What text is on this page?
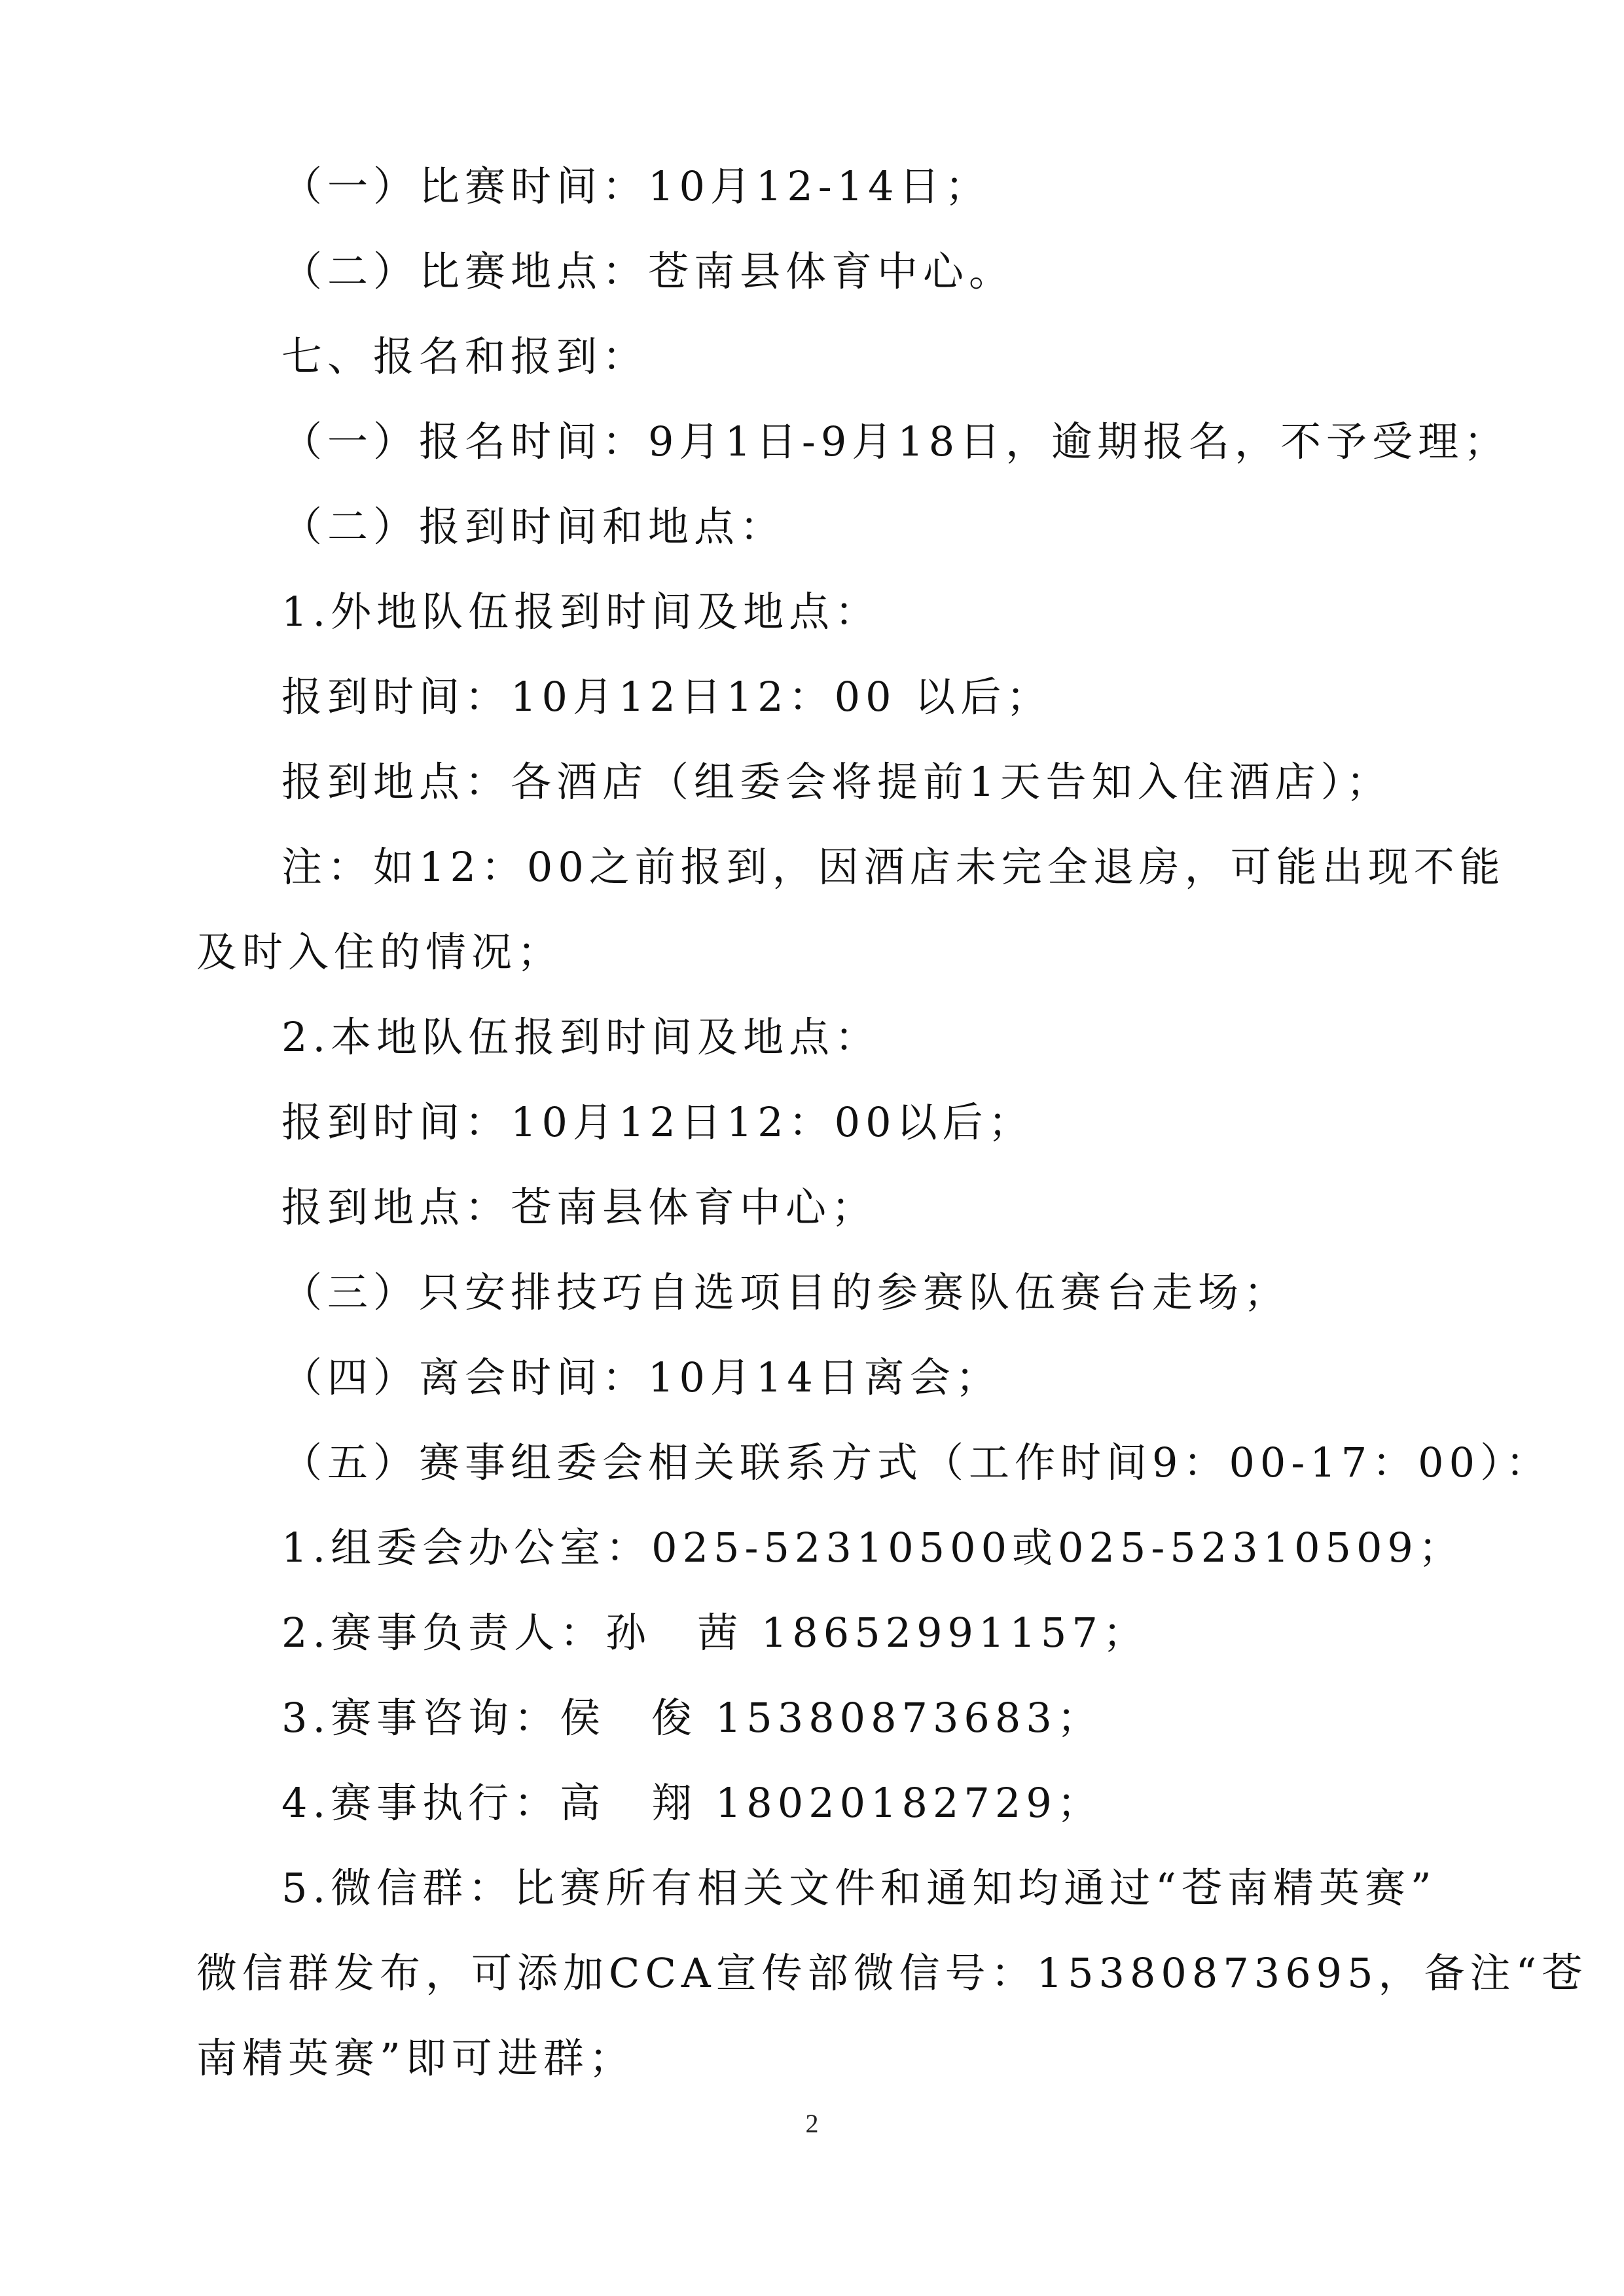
（一）比赛时间：10月12-14日；
（二）比赛地点：苍南县体育中心。
七、报名和报到：
（一）报名时间：9月1日-9月18日，逾期报名，不予受理；
（二）报到时间和地点：
1.外地队伍报到时间及地点：
报到时间：10月12日12：00 以后；
报到地点：各酒店（组委会将提前1天告知入住酒店）；
注：如12：00之前报到，因酒店未完全退房，可能出现不能
及时入住的情况；
2.本地队伍报到时间及地点：
报到时间：10月12日12：00以后；
报到地点：苍南县体育中心；
（三）只安排技巧自选项目的参赛队伍赛台走场；
（四）离会时间：10月14日离会；
（五）赛事组委会相关联系方式（工作时间9：00-17：00）：
1.组委会办公室：025-52310500或025-52310509；
2.赛事负责人：孙　茜 18652991157；
3.赛事咨询：侯　俊 15380873683；
4.赛事执行：高　翔 18020182729；
5.微信群：比赛所有相关文件和通知均通过“苍南精英赛”
微信群发布，可添加CCA宣传部微信号：15380873695，备注“苍
南精英赛”即可进群；
2
